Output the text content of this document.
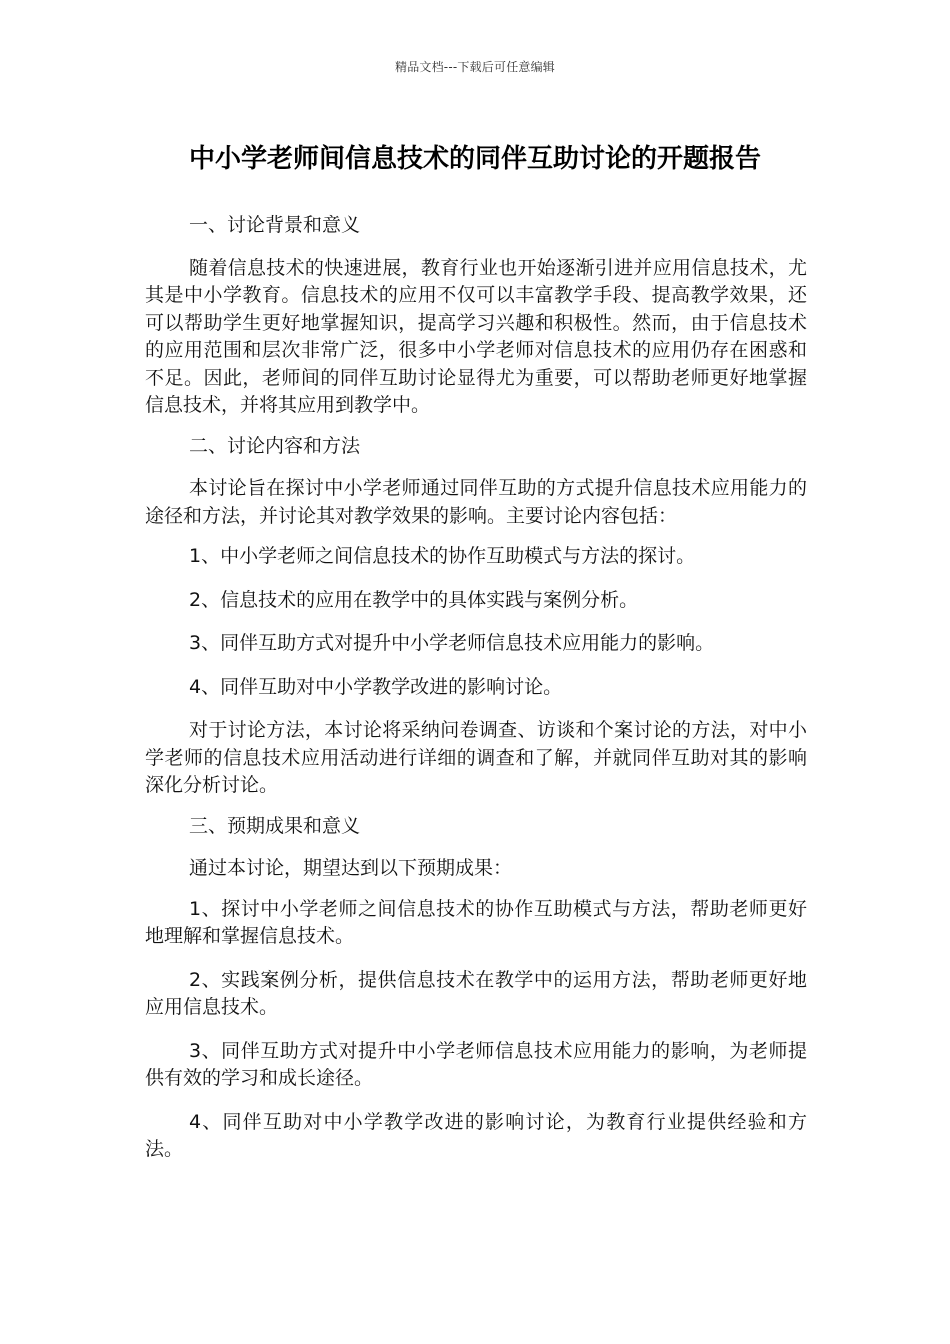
精品文档---下载后可任意编辑
中小学老师间信息技术的同伴互助讨论的开题报告

一、讨论背景和意义

随着信息技术的快速进展，教育行业也开始逐渐引进并应用信息技术，尤其是中小学教育。信息技术的应用不仅可以丰富教学手段、提高教学效果，还可以帮助学生更好地掌握知识，提高学习兴趣和积极性。然而，由于信息技术的应用范围和层次非常广泛，很多中小学老师对信息技术的应用仍存在困惑和不足。因此，老师间的同伴互助讨论显得尤为重要，可以帮助老师更好地掌握信息技术，并将其应用到教学中。

二、讨论内容和方法

本讨论旨在探讨中小学老师通过同伴互助的方式提升信息技术应用能力的途径和方法，并讨论其对教学效果的影响。主要讨论内容包括：

1、中小学老师之间信息技术的协作互助模式与方法的探讨。

2、信息技术的应用在教学中的具体实践与案例分析。

3、同伴互助方式对提升中小学老师信息技术应用能力的影响。

4、同伴互助对中小学教学改进的影响讨论。

对于讨论方法，本讨论将采纳问卷调查、访谈和个案讨论的方法，对中小学老师的信息技术应用活动进行详细的调查和了解，并就同伴互助对其的影响深化分析讨论。

三、预期成果和意义

通过本讨论，期望达到以下预期成果：

1、探讨中小学老师之间信息技术的协作互助模式与方法，帮助老师更好地理解和掌握信息技术。

2、实践案例分析，提供信息技术在教学中的运用方法，帮助老师更好地应用信息技术。

3、同伴互助方式对提升中小学老师信息技术应用能力的影响，为老师提供有效的学习和成长途径。

4、同伴互助对中小学教学改进的影响讨论，为教育行业提供经验和方法。
